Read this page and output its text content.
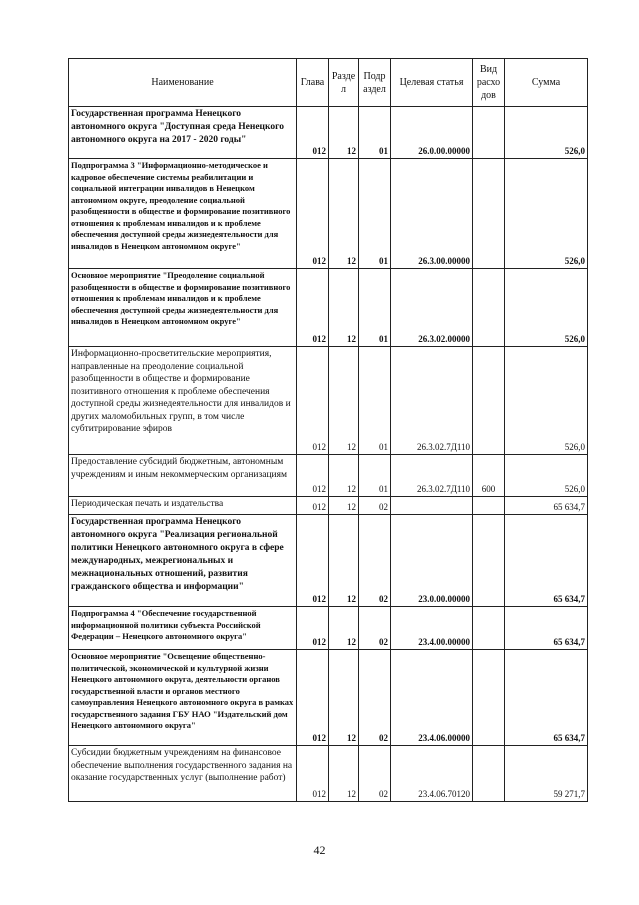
Наименование	Глава	Разде л	Подр аздел	Целевая статья	Вид расхо дов	Сумма
Государственная программа Ненецкого автономного округа "Доступная среда Ненецкого автономного округа на 2017 - 2020 годы"	012	12	01	26.0.00.00000		526,0
Подпрограмма 3 "Информационно-методическое и кадровое обеспечение системы реабилитации и социальной интеграции инвалидов в Ненецком автономном округе, преодоление социальной разобщенности в обществе и формирование позитивного отношения к проблемам инвалидов и к проблеме обеспечения доступной среды жизнедеятельности для инвалидов в Ненецком автономном округе"	012	12	01	26.3.00.00000		526,0
Основное мероприятие "Преодоление социальной разобщенности в обществе и формирование позитивного отношения к проблемам инвалидов и к проблеме обеспечения доступной среды жизнедеятельности для инвалидов в Ненецком автономном округе"	012	12	01	26.3.02.00000		526,0
Информационно-просветительские мероприятия, направленные на преодоление социальной разобщенности в обществе и формирование позитивного отношения к проблеме обеспечения доступной среды жизнедеятельности для инвалидов и других маломобильных групп, в том числе субтитрирование эфиров	012	12	01	26.3.02.7Д110		526,0
Предоставление субсидий бюджетным, автономным учреждениям и иным некоммерческим организациям	012	12	01	26.3.02.7Д110	600	526,0
Периодическая печать и издательства	012	12	02			65 634,7
Государственная программа Ненецкого автономного округа "Реализация региональной политики Ненецкого автономного округа в сфере международных, межрегиональных и межнациональных отношений, развития гражданского общества и информации"	012	12	02	23.0.00.00000		65 634,7
Подпрограмма 4 "Обеспечение государственной информационной политики субъекта Российской Федерации – Ненецкого автономного округа"	012	12	02	23.4.00.00000		65 634,7
Основное мероприятие "Освещение общественно-политической, экономической и культурной жизни Ненецкого автономного округа, деятельности органов государственной власти и органов местного самоуправления Ненецкого автономного округа в рамках государственного задания ГБУ НАО "Издательский дом Ненецкого автономного округа"	012	12	02	23.4.06.00000		65 634,7
Субсидии бюджетным учреждениям на финансовое обеспечение выполнения государственного задания на оказание государственных услуг (выполнение работ)	012	12	02	23.4.06.70120		59 271,7
42
